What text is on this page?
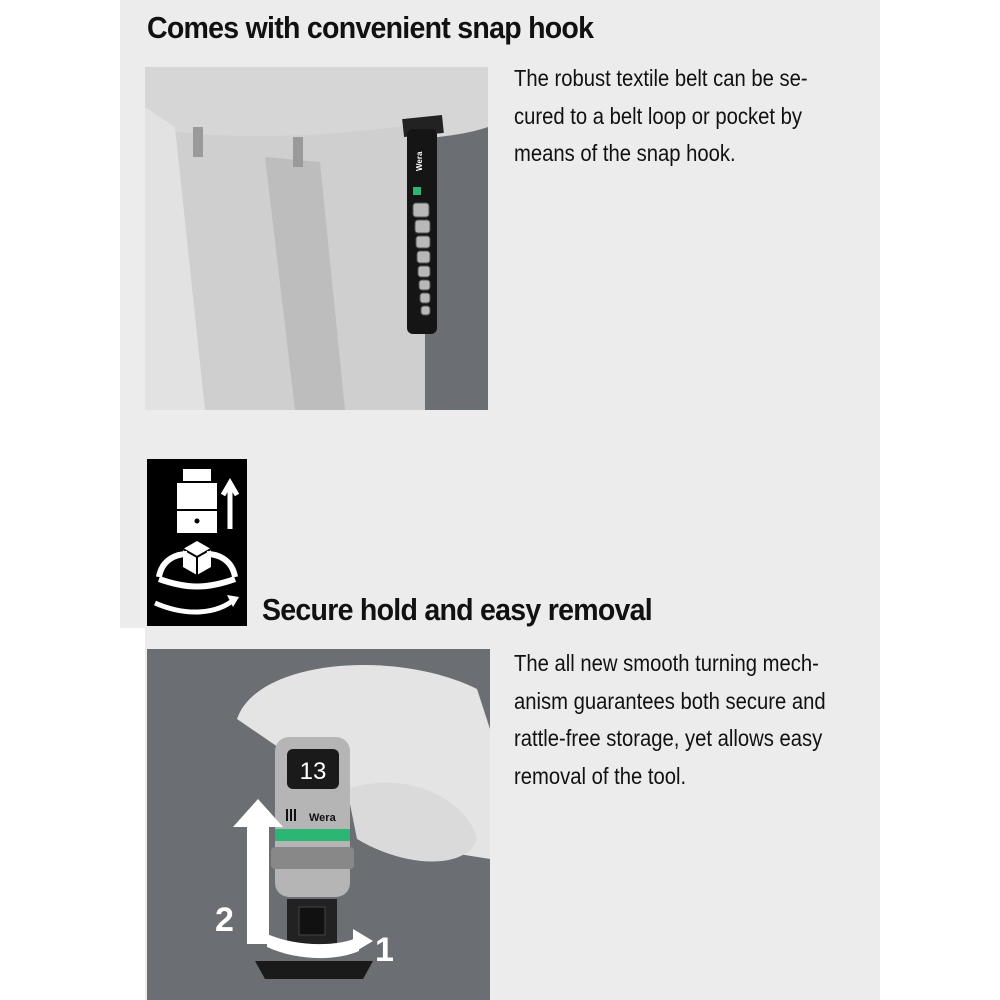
Comes with convenient snap hook
Wera

The robust textile belt can be se-
cured to a belt loop or pocket by
means of the snap hook.

Secure hold and easy removal
13
Wera
2
1

The all new smooth turning mech-
anism guarantees both secure and
rattle-free storage, yet allows easy
removal of the tool.
